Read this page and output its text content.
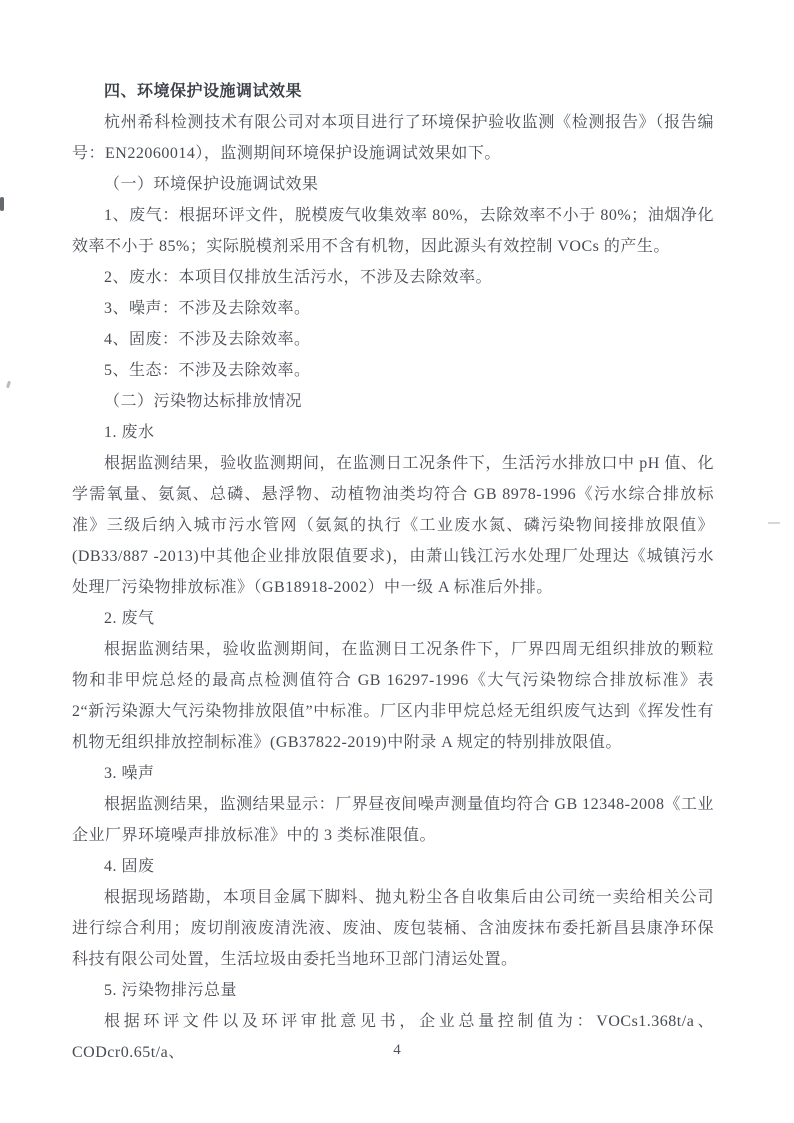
四、环境保护设施调试效果

杭州希科检测技术有限公司对本项目进行了环境保护验收监测《检测报告》（报告编号：EN22060014），监测期间环境保护设施调试效果如下。

（一）环境保护设施调试效果

1、废气：根据环评文件，脱模废气收集效率 80%，去除效率不小于 80%；油烟净化效率不小于 85%；实际脱模剂采用不含有机物，因此源头有效控制 VOCs 的产生。

2、废水：本项目仅排放生活污水，不涉及去除效率。

3、噪声：不涉及去除效率。

4、固废：不涉及去除效率。

5、生态：不涉及去除效率。

（二）污染物达标排放情况

1. 废水

根据监测结果，验收监测期间，在监测日工况条件下，生活污水排放口中 pH 值、化学需氧量、氨氮、总磷、悬浮物、动植物油类均符合 GB 8978-1996《污水综合排放标准》三级后纳入城市污水管网（氨氮的执行《工业废水氮、磷污染物间接排放限值》(DB33/887 -2013)中其他企业排放限值要求)，由萧山钱江污水处理厂处理达《城镇污水处理厂污染物排放标准》（GB18918-2002）中一级 A 标准后外排。

2. 废气

根据监测结果，验收监测期间，在监测日工况条件下，厂界四周无组织排放的颗粒物和非甲烷总烃的最高点检测值符合 GB 16297-1996《大气污染物综合排放标准》表 2“新污染源大气污染物排放限值”中标准。厂区内非甲烷总烃无组织废气达到《挥发性有机物无组织排放控制标准》(GB37822-2019)中附录 A 规定的特别排放限值。

3. 噪声

根据监测结果，监测结果显示：厂界昼夜间噪声测量值均符合 GB 12348-2008《工业企业厂界环境噪声排放标准》中的 3 类标准限值。

4. 固废

根据现场踏勘，本项目金属下脚料、抛丸粉尘各自收集后由公司统一卖给相关公司进行综合利用；废切削液废清洗液、废油、废包装桶、含油废抹布委托新昌县康净环保科技有限公司处置，生活垃圾由委托当地环卫部门清运处置。

5. 污染物排污总量

根据环评文件以及环评审批意见书，企业总量控制值为：VOCs1.368t/a、CODcr0.65t/a、	4
